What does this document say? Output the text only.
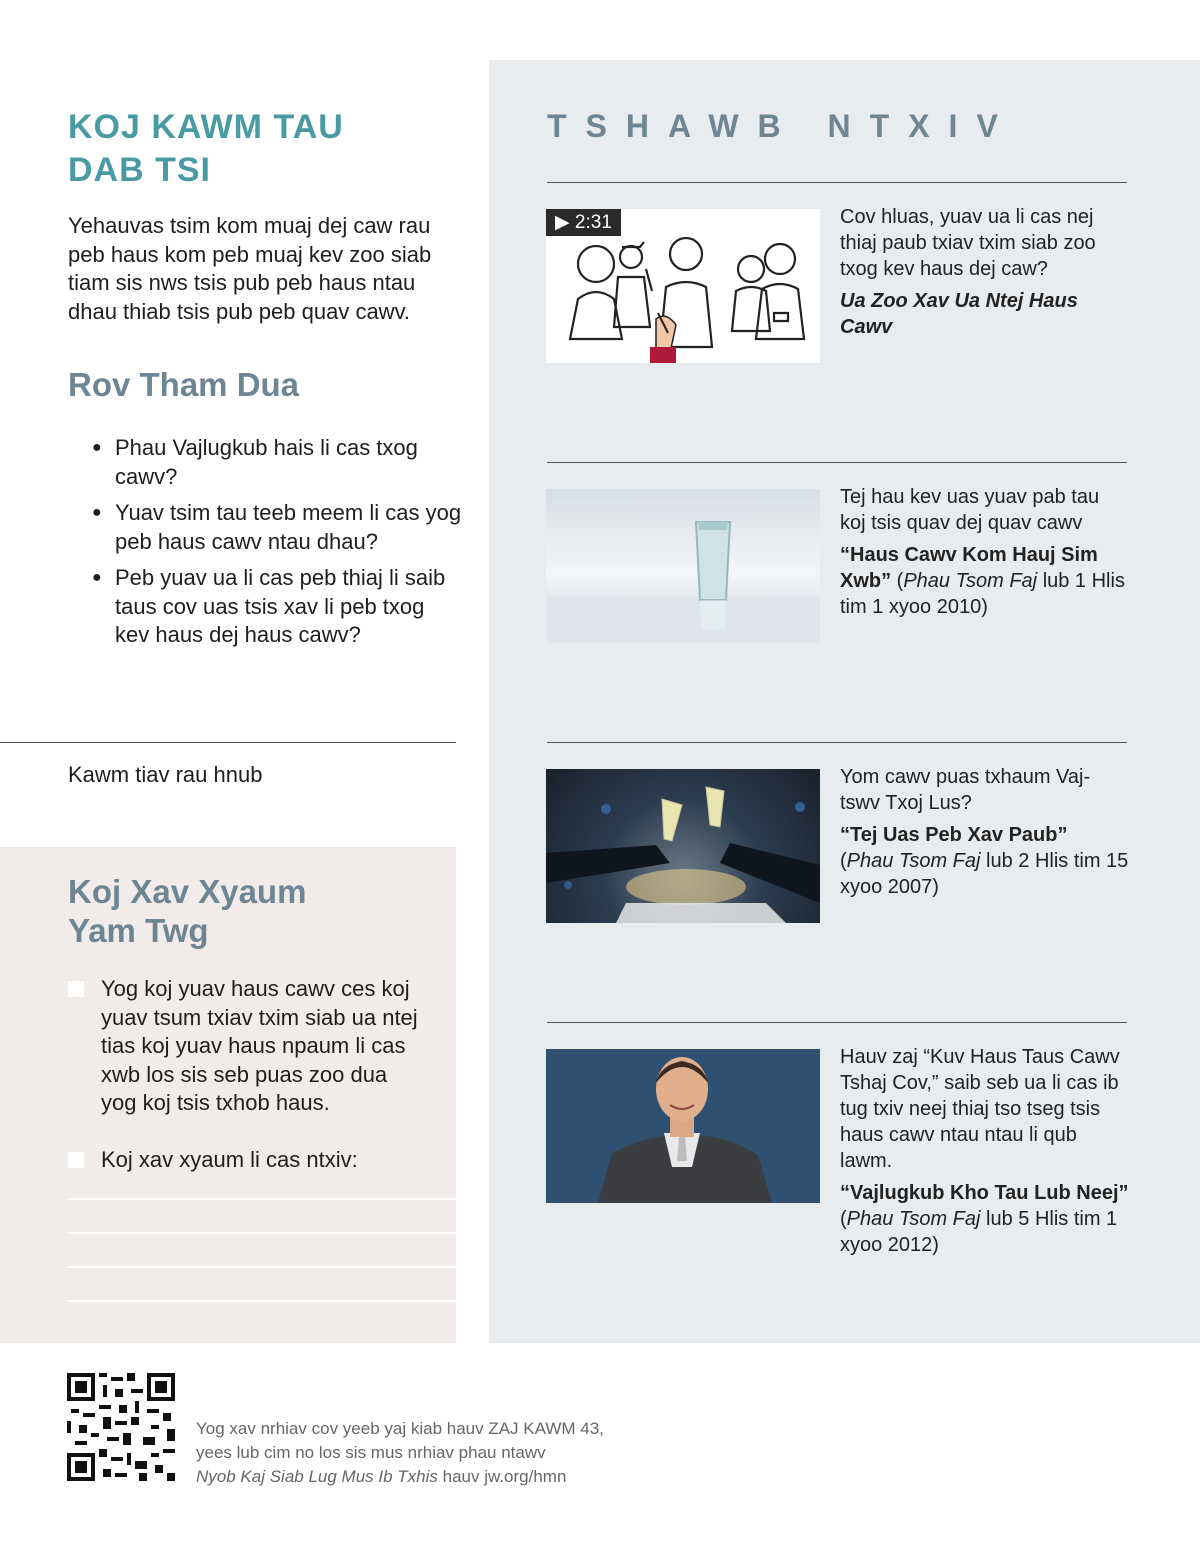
KOJ KAWM TAU
DAB TSI

Yehauvas tsim kom muaj dej caw rau peb haus kom peb muaj kev zoo siab tiam sis nws tsis pub peb haus ntau dhau thiab tsis pub peb quav cawv.

Rov Tham Dua
● Phau Vajlugkub hais li cas txog cawv?
● Yuav tsim tau teeb meem li cas yog peb haus cawv ntau dhau?
● Peb yuav ua li cas peb thiaj li saib taus cov uas tsis xav li peb txog kev haus dej haus cawv?
Kawm tiav rau hnub
Koj Xav Xyaum
Yam Twg
Yog koj yuav haus cawv ces koj yuav tsum txiav txim siab ua ntej tias koj yuav haus npaum li cas xwb los sis seb puas zoo dua yog koj tsis txhob haus.
Koj xav xyaum li cas ntxiv:
TSHAWB NTXIV
▶ 2:31	Cov hluas, yuav ua li cas nej thiaj paub txiav txim siab zoo txog kev haus dej caw?
Ua Zoo Xav Ua Ntej Haus Cawv
Tej hau kev uas yuav pab tau koj tsis quav dej quav cawv
“Haus Cawv Kom Hauj Sim Xwb” (Phau Tsom Faj lub 1 Hlis tim 1 xyoo 2010)
Yom cawv puas txhaum Vaj-tswv Txoj Lus?
“Tej Uas Peb Xav Paub”
(Phau Tsom Faj lub 2 Hlis tim 15 xyoo 2007)
Hauv zaj “Kuv Haus Taus Cawv Tshaj Cov,” saib seb ua li cas ib tug txiv neej thiaj tso tseg tsis haus cawv ntau ntau li qub lawm.
“Vajlugkub Kho Tau Lub Neej”
(Phau Tsom Faj lub 5 Hlis tim 1 xyoo 2012)
Yog xav nrhiav cov yeeb yaj kiab hauv ZAJ KAWM 43,
yees lub cim no los sis mus nrhiav phau ntawv
Nyob Kaj Siab Lug Mus Ib Txhis hauv jw.org/hmn
